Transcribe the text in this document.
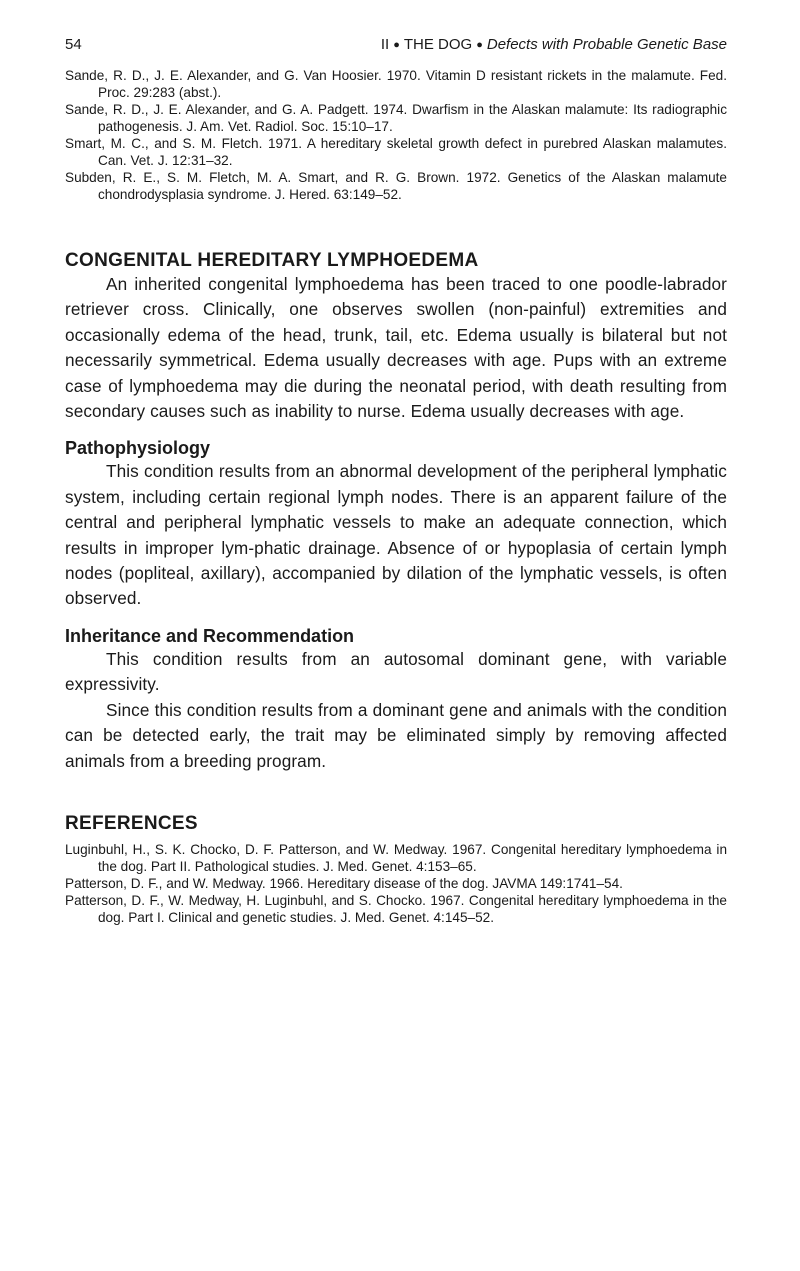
54	II ● THE DOG ● Defects with Probable Genetic Base
Sande, R. D., J. E. Alexander, and G. Van Hoosier. 1970. Vitamin D resistant rickets in the malamute. Fed. Proc. 29:283 (abst.).
Sande, R. D., J. E. Alexander, and G. A. Padgett. 1974. Dwarfism in the Alaskan malamute: Its radiographic pathogenesis. J. Am. Vet. Radiol. Soc. 15:10–17.
Smart, M. C., and S. M. Fletch. 1971. A hereditary skeletal growth defect in purebred Alaskan malamutes. Can. Vet. J. 12:31–32.
Subden, R. E., S. M. Fletch, M. A. Smart, and R. G. Brown. 1972. Genetics of the Alaskan malamute chondrodysplasia syndrome. J. Hered. 63:149–52.
CONGENITAL HEREDITARY LYMPHOEDEMA

An inherited congenital lymphoedema has been traced to one poodle-labrador retriever cross. Clinically, one observes swollen (non-painful) extremities and occasionally edema of the head, trunk, tail, etc. Edema usually is bilateral but not necessarily symmetrical. Edema usually decreases with age. Pups with an extreme case of lymphoedema may die during the neonatal period, with death resulting from secondary causes such as inability to nurse. Edema usually decreases with age.

Pathophysiology

This condition results from an abnormal development of the peripheral lymphatic system, including certain regional lymph nodes. There is an apparent failure of the central and peripheral lymphatic vessels to make an adequate connection, which results in improper lym-phatic drainage. Absence of or hypoplasia of certain lymph nodes (popliteal, axillary), accompanied by dilation of the lymphatic vessels, is often observed.

Inheritance and Recommendation

This condition results from an autosomal dominant gene, with variable expressivity.

Since this condition results from a dominant gene and animals with the condition can be detected early, the trait may be eliminated simply by removing affected animals from a breeding program.

REFERENCES
Luginbuhl, H., S. K. Chocko, D. F. Patterson, and W. Medway. 1967. Congenital hereditary lymphoedema in the dog. Part II. Pathological studies. J. Med. Genet. 4:153–65.
Patterson, D. F., and W. Medway. 1966. Hereditary disease of the dog. JAVMA 149:1741–54.
Patterson, D. F., W. Medway, H. Luginbuhl, and S. Chocko. 1967. Congenital hereditary lymphoedema in the dog. Part I. Clinical and genetic studies. J. Med. Genet. 4:145–52.
